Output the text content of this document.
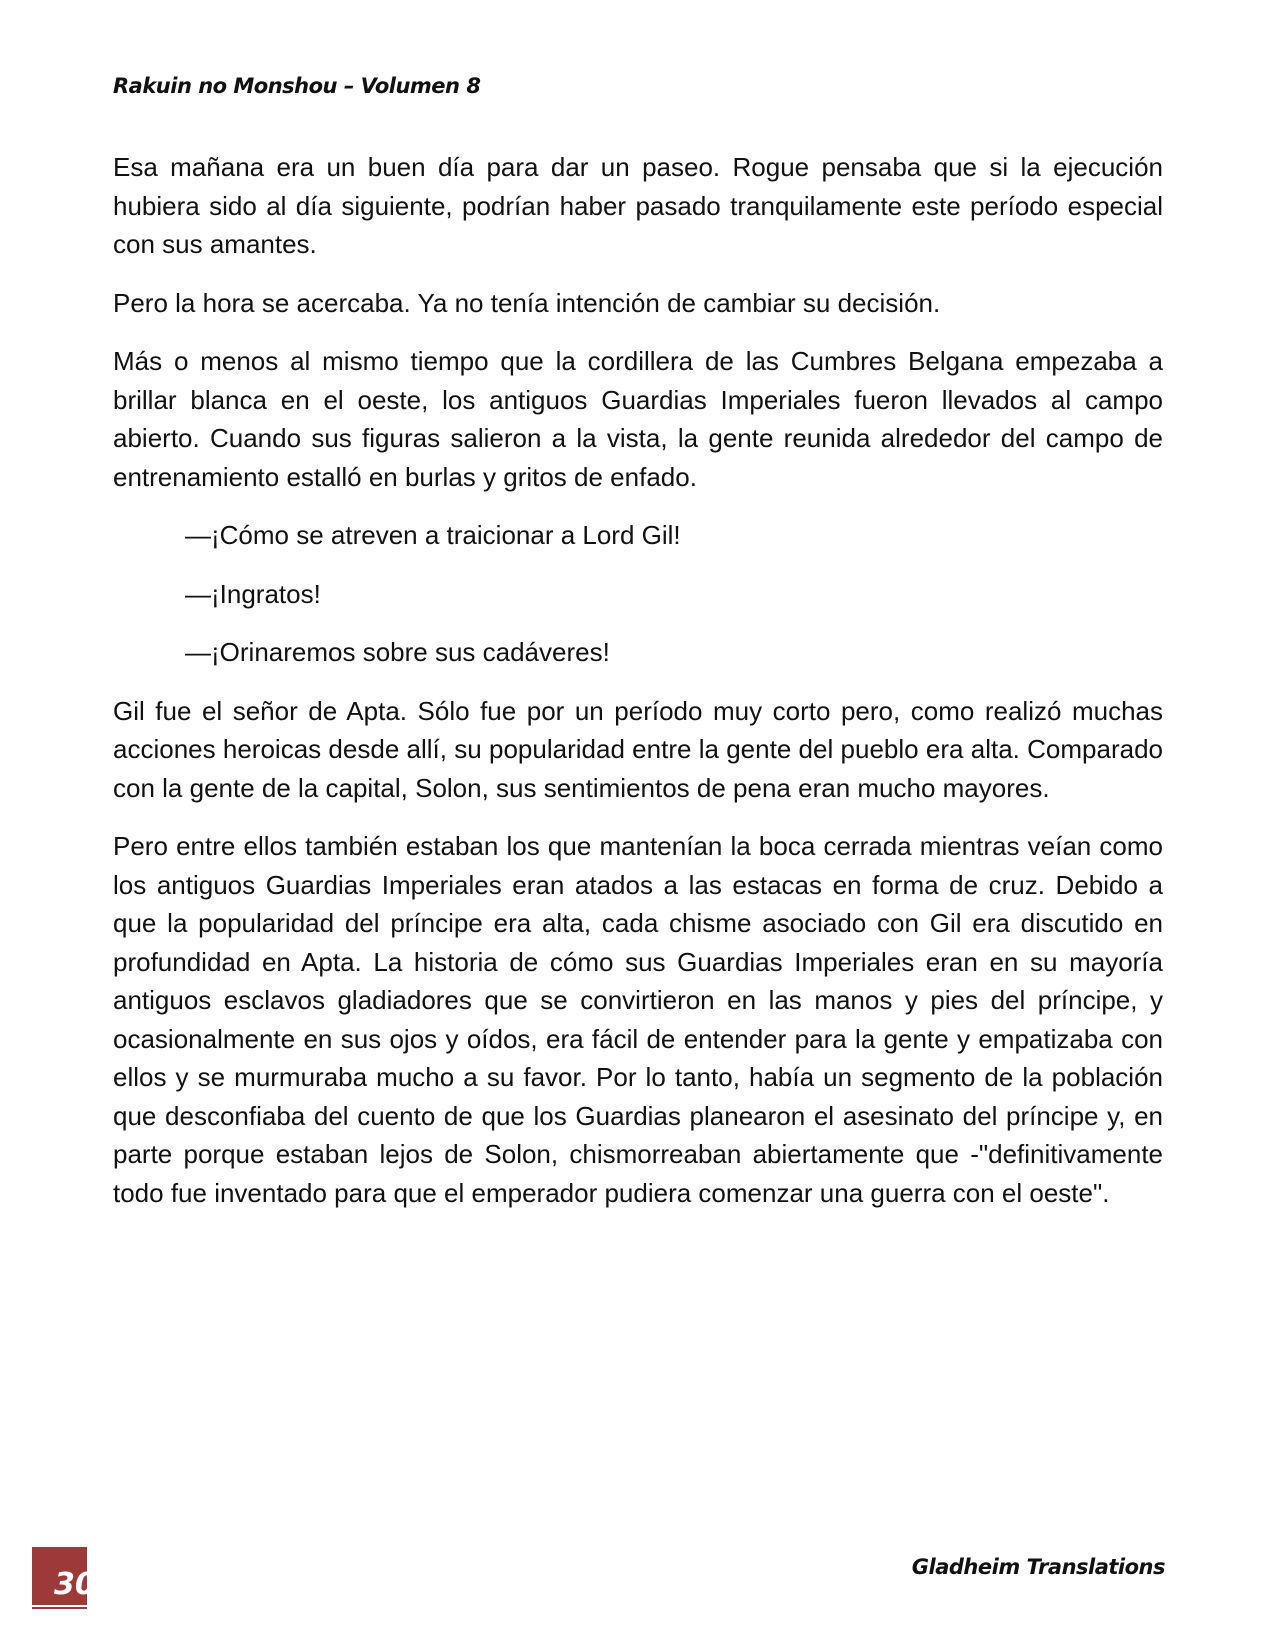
Rakuin no Monshou – Volumen 8

Esa mañana era un buen día para dar un paseo. Rogue pensaba que si la ejecución hubiera sido al día siguiente, podrían haber pasado tranquilamente este período especial con sus amantes.

Pero la hora se acercaba. Ya no tenía intención de cambiar su decisión.

Más o menos al mismo tiempo que la cordillera de las Cumbres Belgana empezaba a brillar blanca en el oeste, los antiguos Guardias Imperiales fueron llevados al campo abierto. Cuando sus figuras salieron a la vista, la gente reunida alrededor del campo de entrenamiento estalló en burlas y gritos de enfado.

—¡Cómo se atreven a traicionar a Lord Gil!

—¡Ingratos!

—¡Orinaremos sobre sus cadáveres!

Gil fue el señor de Apta. Sólo fue por un período muy corto pero, como realizó muchas acciones heroicas desde allí, su popularidad entre la gente del pueblo era alta. Comparado con la gente de la capital, Solon, sus sentimientos de pena eran mucho mayores.

Pero entre ellos también estaban los que mantenían la boca cerrada mientras veían como los antiguos Guardias Imperiales eran atados a las estacas en forma de cruz. Debido a que la popularidad del príncipe era alta, cada chisme asociado con Gil era discutido en profundidad en Apta. La historia de cómo sus Guardias Imperiales eran en su mayoría antiguos esclavos gladiadores que se convirtieron en las manos y pies del príncipe, y ocasionalmente en sus ojos y oídos, era fácil de entender para la gente y empatizaba con ellos y se murmuraba mucho a su favor. Por lo tanto, había un segmento de la población que desconfiaba del cuento de que los Guardias planearon el asesinato del príncipe y, en parte porque estaban lejos de Solon, chismorreaban abiertamente que -"definitivamente todo fue inventado para que el emperador pudiera comenzar una guerra con el oeste".

30	Gladheim Translations
